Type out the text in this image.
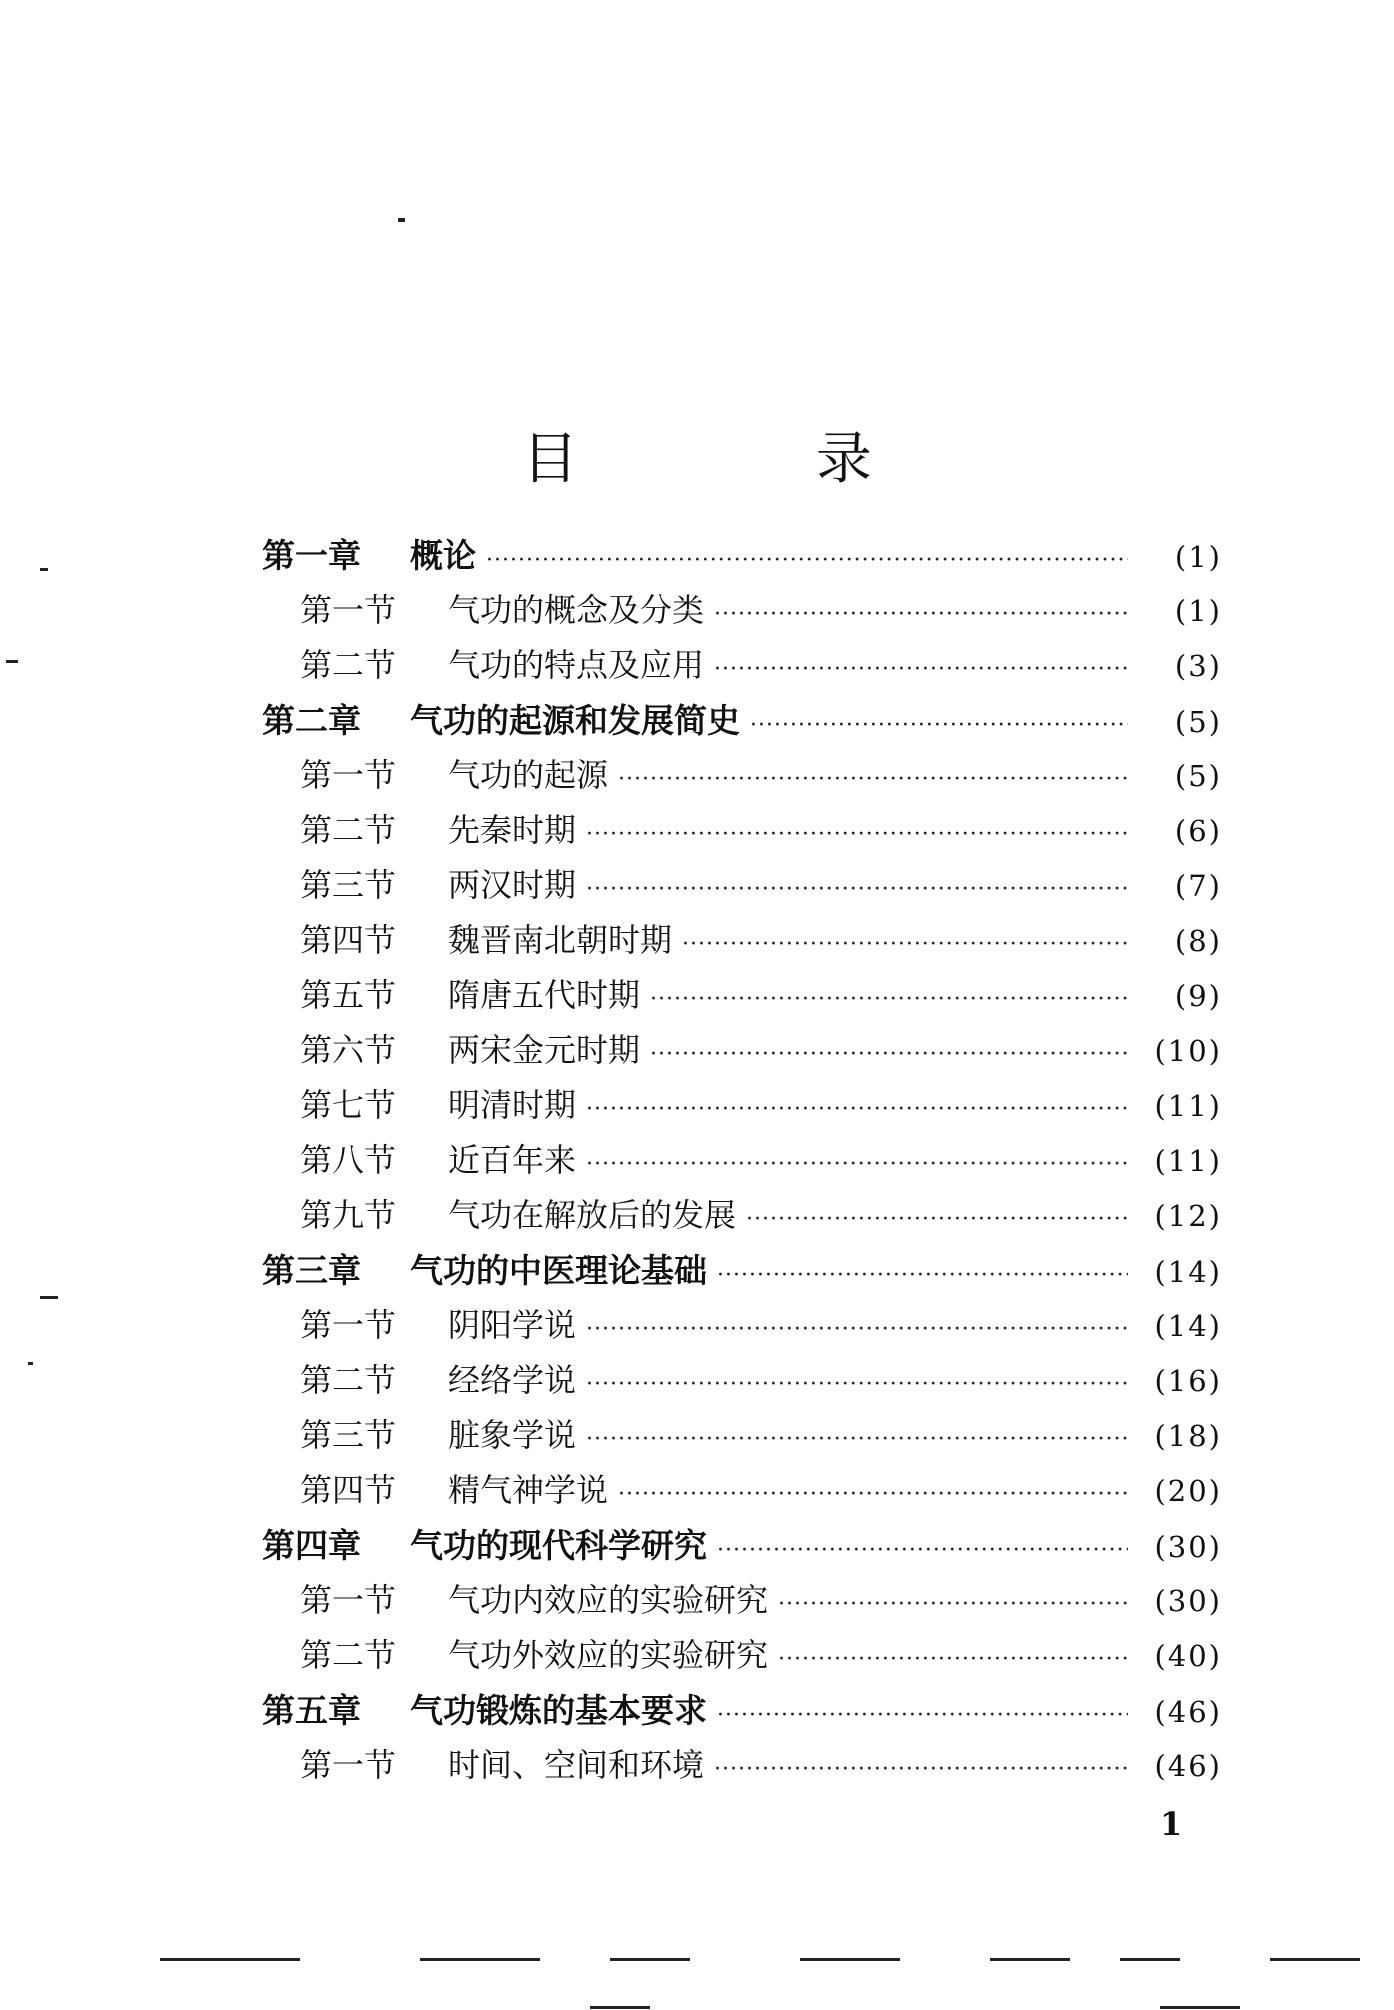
目 录
第一章	概论 ·····	(1)
第一节	气功的概念及分类 ·····	(1)
第二节	气功的特点及应用 ·····	(3)
第二章	气功的起源和发展简史 ·····	(5)
第一节	气功的起源 ·····	(5)
第二节	先秦时期 ·····	(6)
第三节	两汉时期 ·····	(7)
第四节	魏晋南北朝时期 ·····	(8)
第五节	隋唐五代时期 ·····	(9)
第六节	两宋金元时期 ·····	(10)
第七节	明清时期 ·····	(11)
第八节	近百年来 ·····	(11)
第九节	气功在解放后的发展 ·····	(12)
第三章	气功的中医理论基础 ·····	(14)
第一节	阴阳学说 ·····	(14)
第二节	经络学说 ·····	(16)
第三节	脏象学说 ·····	(18)
第四节	精气神学说 ·····	(20)
第四章	气功的现代科学研究 ·····	(30)
第一节	气功内效应的实验研究 ·····	(30)
第二节	气功外效应的实验研究 ·····	(40)
第五章	气功锻炼的基本要求 ·····	(46)
第一节	时间、空间和环境 ·····	(46)
1
